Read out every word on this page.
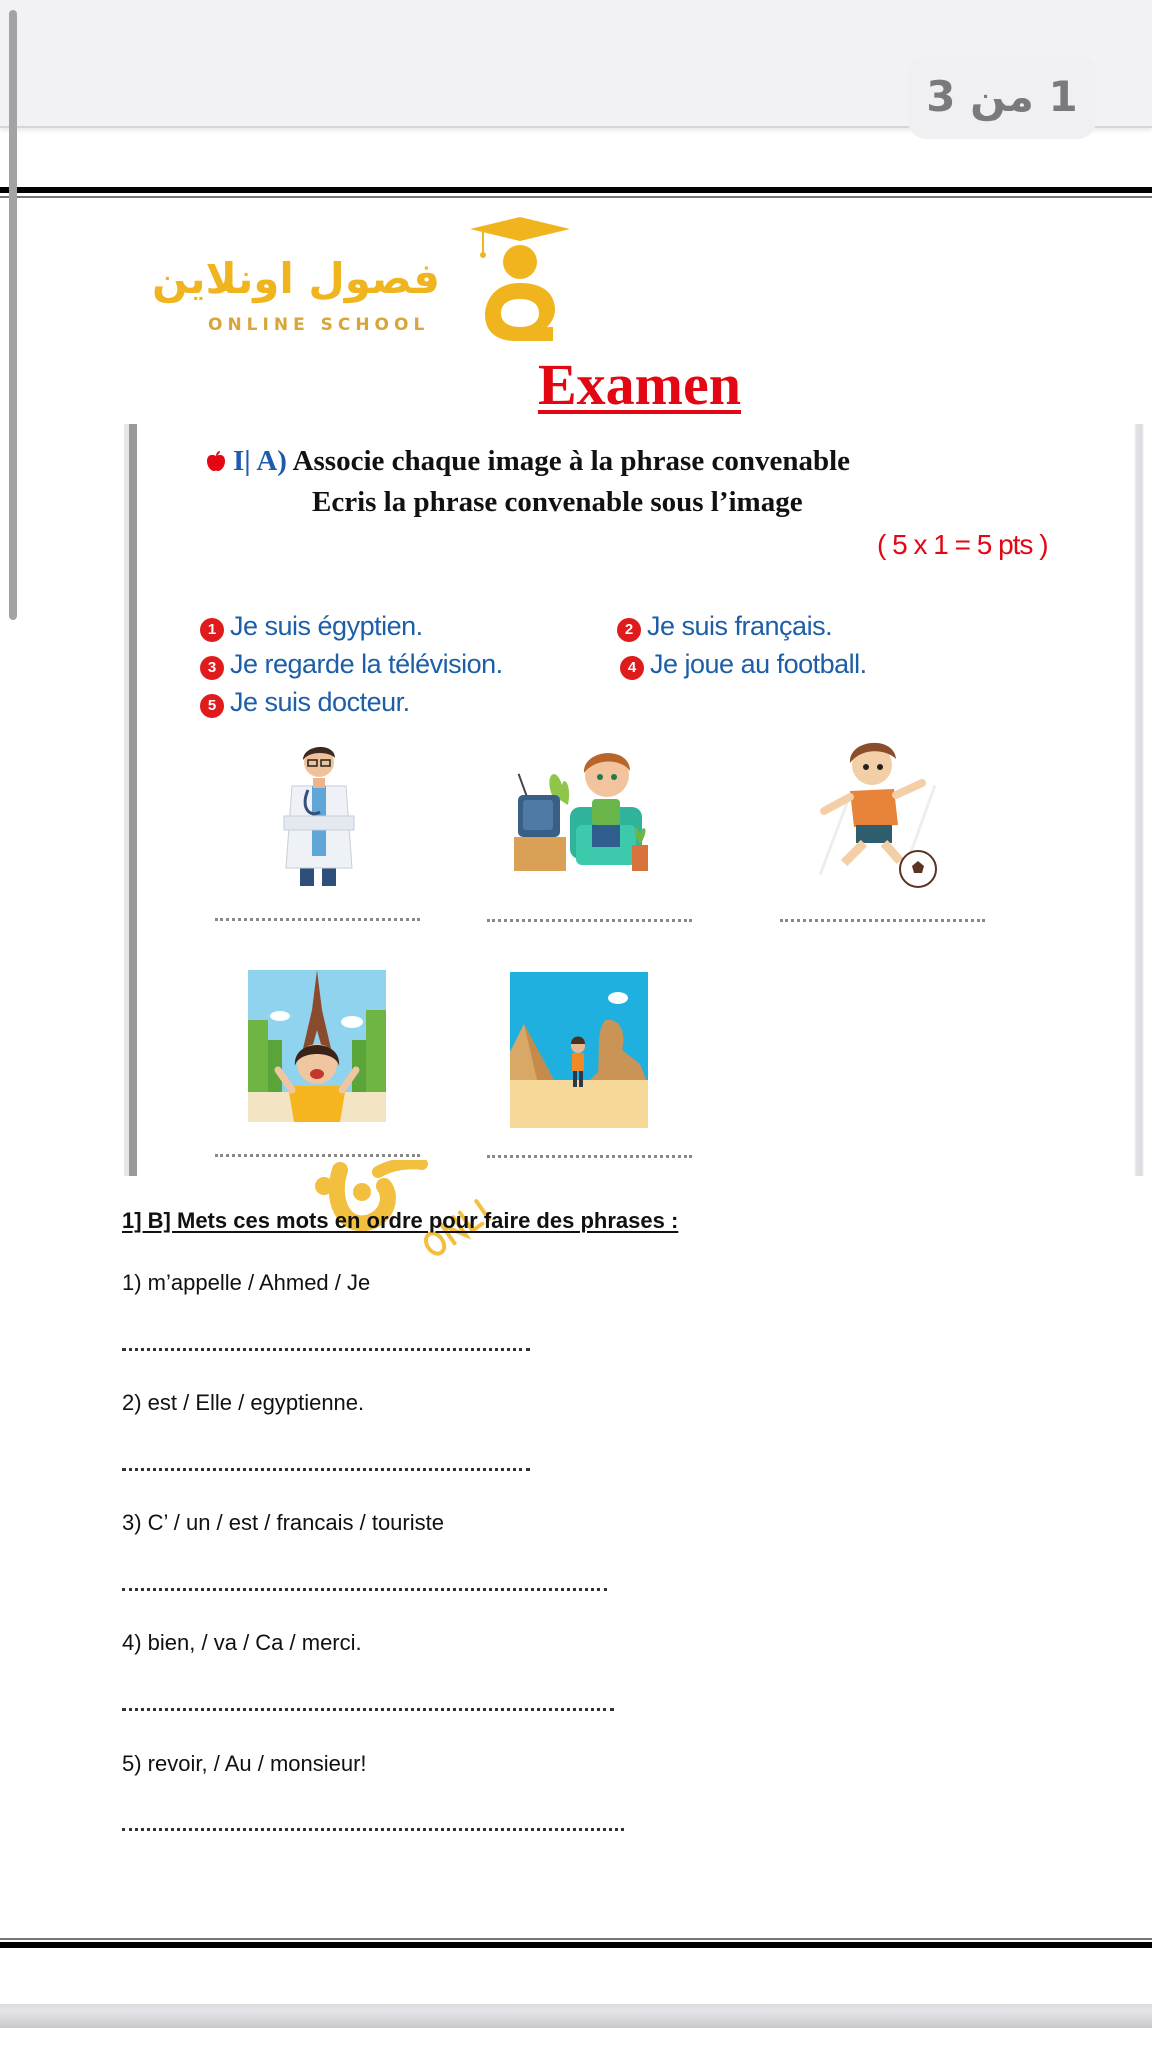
1 من 3
فصول اونلاين
ONLINE SCHOOL
Examen
I| A) Associe chaque image à la phrase convenable
Ecris la phrase convenable sous l’image
( 5 x 1 = 5 pts )
1 Je suis égyptien.	2 Je suis français.
3 Je regarde la télévision.	4 Je joue au football.
5 Je suis docteur.
1] B] Mets ces mots en ordre pour faire des phrases :
1) m’appelle / Ahmed / Je
2) est / Elle / egyptienne.
3) C’ / un / est / francais / touriste
4) bien, / va / Ca / merci.
5) revoir, / Au / monsieur!
